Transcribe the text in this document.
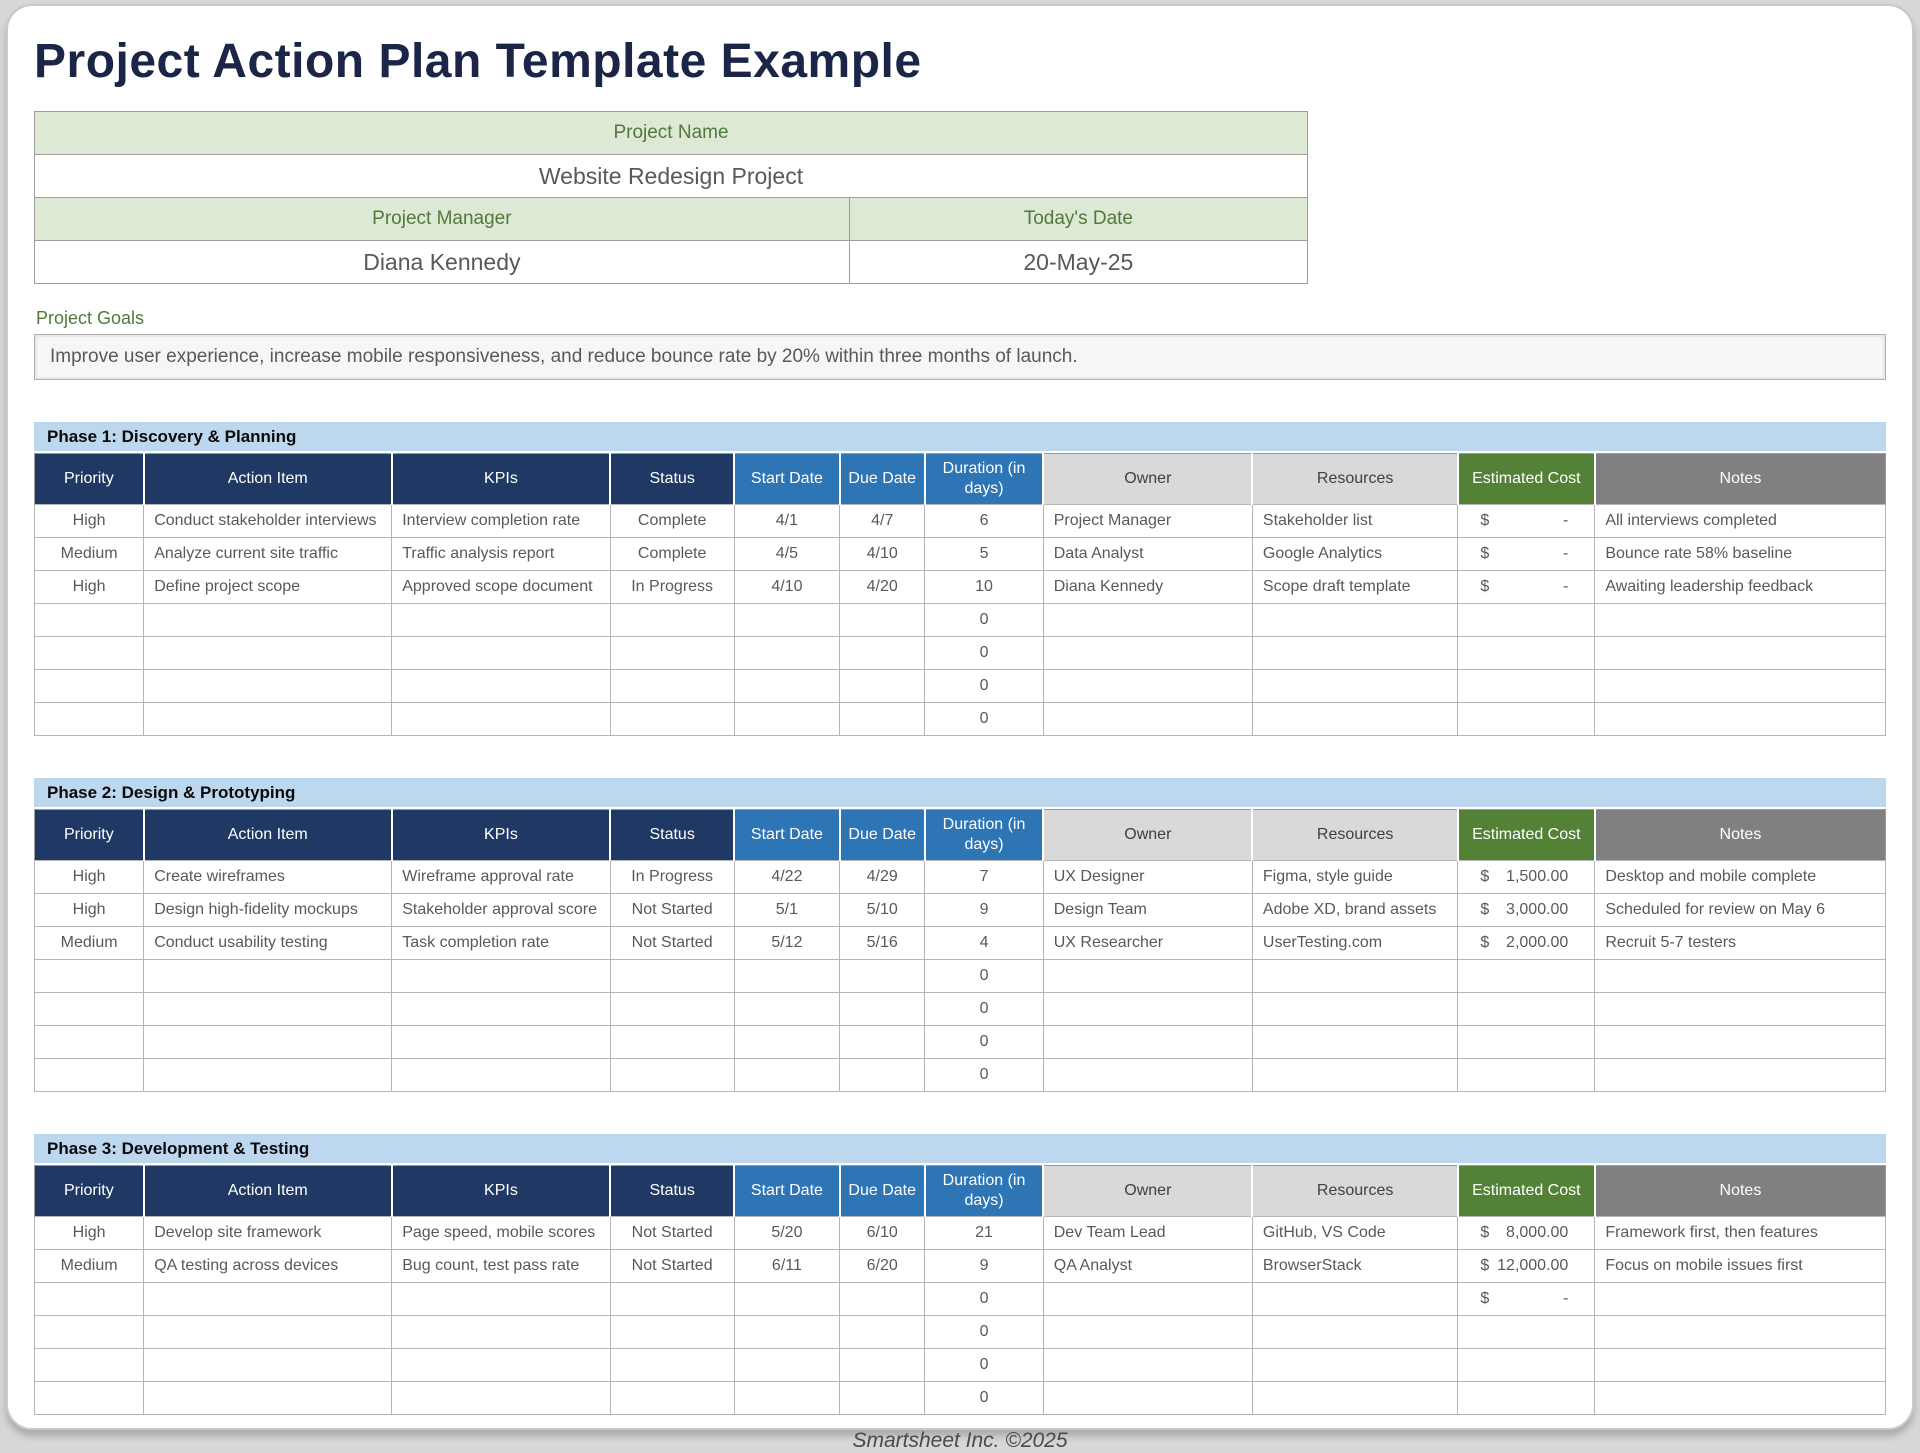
Project Action Plan Template Example
Project Name	
Website Redesign Project	
Project Manager	Today's Date
Diana Kennedy	20-May-25
Project Goals
Improve user experience, increase mobile responsiveness, and reduce bounce rate by 20% within three months of launch.
Phase 1: Discovery & Planning
Priority	Action Item	KPIs	Status	Start Date	Due Date	Duration (in days)	Owner	Resources	Estimated Cost	Notes
High	Conduct stakeholder interviews	Interview completion rate	Complete	4/1	4/7	6	Project Manager	Stakeholder list	$ -	All interviews completed
Medium	Analyze current site traffic	Traffic analysis report	Complete	4/5	4/10	5	Data Analyst	Google Analytics	$ -	Bounce rate 58% baseline
High	Define project scope	Approved scope document	In Progress	4/10	4/20	10	Diana Kennedy	Scope draft template	$ -	Awaiting leadership feedback
						0				
						0				
						0				
						0				
Phase 2: Design & Prototyping
Priority	Action Item	KPIs	Status	Start Date	Due Date	Duration (in days)	Owner	Resources	Estimated Cost	Notes
High	Create wireframes	Wireframe approval rate	In Progress	4/22	4/29	7	UX Designer	Figma, style guide	$ 1,500.00	Desktop and mobile complete
High	Design high-fidelity mockups	Stakeholder approval score	Not Started	5/1	5/10	9	Design Team	Adobe XD, brand assets	$ 3,000.00	Scheduled for review on May 6
Medium	Conduct usability testing	Task completion rate	Not Started	5/12	5/16	4	UX Researcher	UserTesting.com	$ 2,000.00	Recruit 5-7 testers
						0				
						0				
						0				
						0				
Phase 3: Development & Testing
Priority	Action Item	KPIs	Status	Start Date	Due Date	Duration (in days)	Owner	Resources	Estimated Cost	Notes
High	Develop site framework	Page speed, mobile scores	Not Started	5/20	6/10	21	Dev Team Lead	GitHub, VS Code	$ 8,000.00	Framework first, then features
Medium	QA testing across devices	Bug count, test pass rate	Not Started	6/11	6/20	9	QA Analyst	BrowserStack	$ 12,000.00	Focus on mobile issues first
						0			$ -	

						0				
						0				
						0				
Smartsheet Inc. ©2025
